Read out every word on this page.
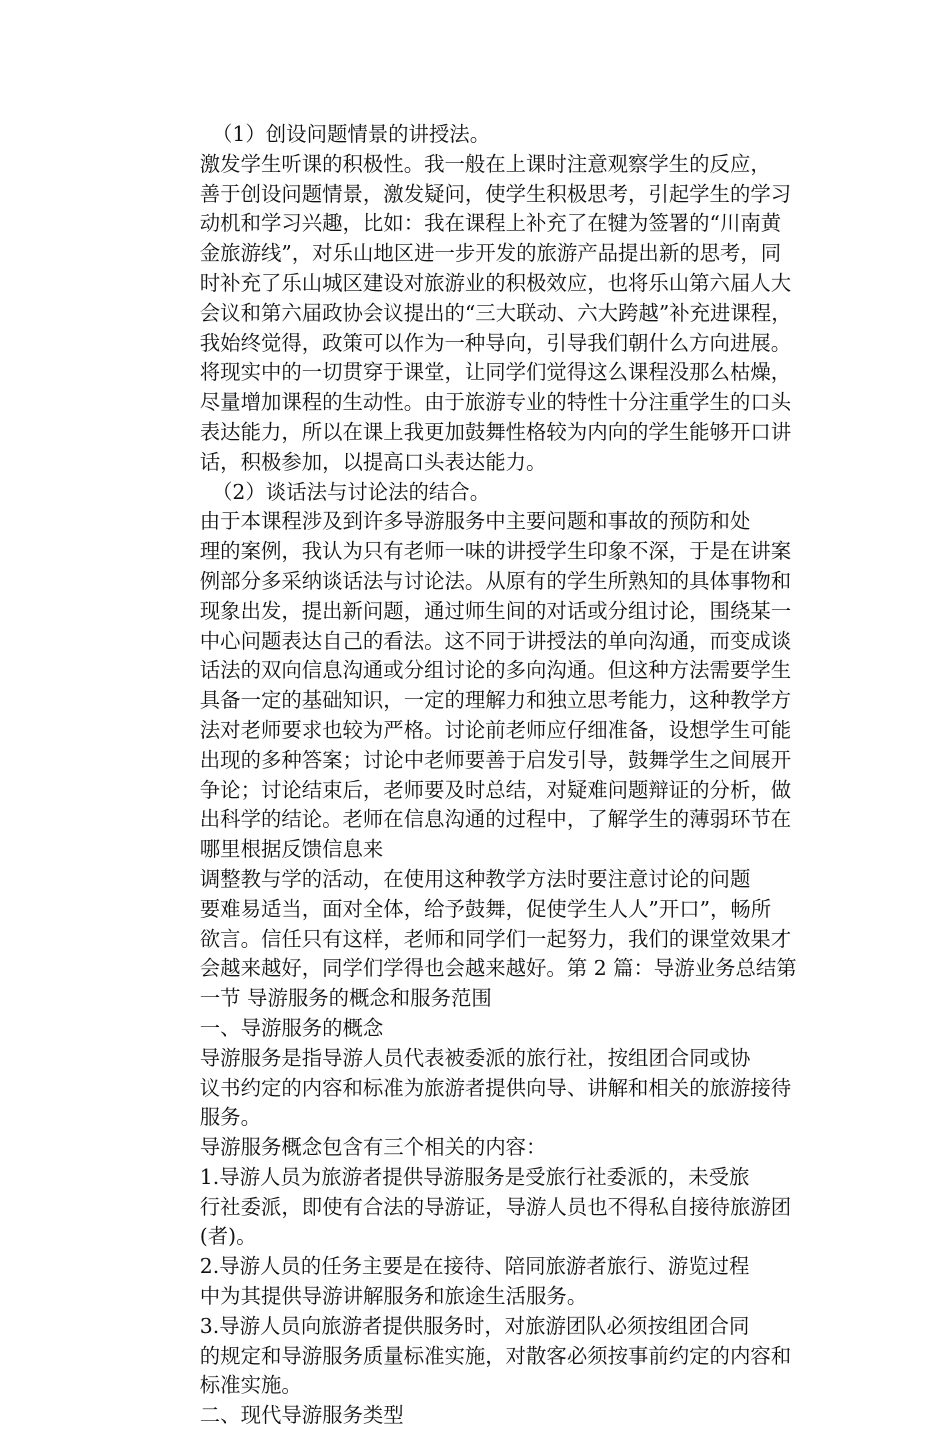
（1）创设问题情景的讲授法。

激发学生听课的积极性。我一般在上课时注意观察学生的反应，
善于创设问题情景，激发疑问，使学生积极思考，引起学生的学习
动机和学习兴趣，比如：我在课程上补充了在犍为签署的“川南黄
金旅游线”，对乐山地区进一步开发的旅游产品提出新的思考，同
时补充了乐山城区建设对旅游业的积极效应，也将乐山第六届人大
会议和第六届政协会议提出的“三大联动、六大跨越”补充进课程，
我始终觉得，政策可以作为一种导向，引导我们朝什么方向进展。
将现实中的一切贯穿于课堂，让同学们觉得这么课程没那么枯燥，
尽量增加课程的生动性。由于旅游专业的特性十分注重学生的口头
表达能力，所以在课上我更加鼓舞性格较为内向的学生能够开口讲
话，积极参加，以提高口头表达能力。

（2）谈话法与讨论法的结合。

由于本课程涉及到许多导游服务中主要问题和事故的预防和处
理的案例，我认为只有老师一味的讲授学生印象不深，于是在讲案
例部分多采纳谈话法与讨论法。从原有的学生所熟知的具体事物和
现象出发，提出新问题，通过师生间的对话或分组讨论，围绕某一
中心问题表达自己的看法。这不同于讲授法的单向沟通，而变成谈
话法的双向信息沟通或分组讨论的多向沟通。但这种方法需要学生
具备一定的基础知识，一定的理解力和独立思考能力，这种教学方
法对老师要求也较为严格。讨论前老师应仔细准备，设想学生可能
出现的多种答案；讨论中老师要善于启发引导，鼓舞学生之间展开
争论；讨论结束后，老师要及时总结，对疑难问题辩证的分析，做
出科学的结论。老师在信息沟通的过程中，了解学生的薄弱环节在
哪里根据反馈信息来

调整教与学的活动，在使用这种教学方法时要注意讨论的问题
要难易适当，面对全体，给予鼓舞，促使学生人人”开口”，畅所
欲言。信任只有这样，老师和同学们一起努力，我们的课堂效果才
会越来越好，同学们学得也会越来越好。第 2 篇：导游业务总结第
一节 导游服务的概念和服务范围

一、导游服务的概念

导游服务是指导游人员代表被委派的旅行社，按组团合同或协
议书约定的内容和标准为旅游者提供向导、讲解和相关的旅游接待
服务。

导游服务概念包含有三个相关的内容：

1.导游人员为旅游者提供导游服务是受旅行社委派的，未受旅
行社委派，即使有合法的导游证，导游人员也不得私自接待旅游团
(者)。

2.导游人员的任务主要是在接待、陪同旅游者旅行、游览过程
中为其提供导游讲解服务和旅途生活服务。

3.导游人员向旅游者提供服务时，对旅游团队必须按组团合同
的规定和导游服务质量标准实施，对散客必须按事前约定的内容和
标准实施。

二、现代导游服务类型
